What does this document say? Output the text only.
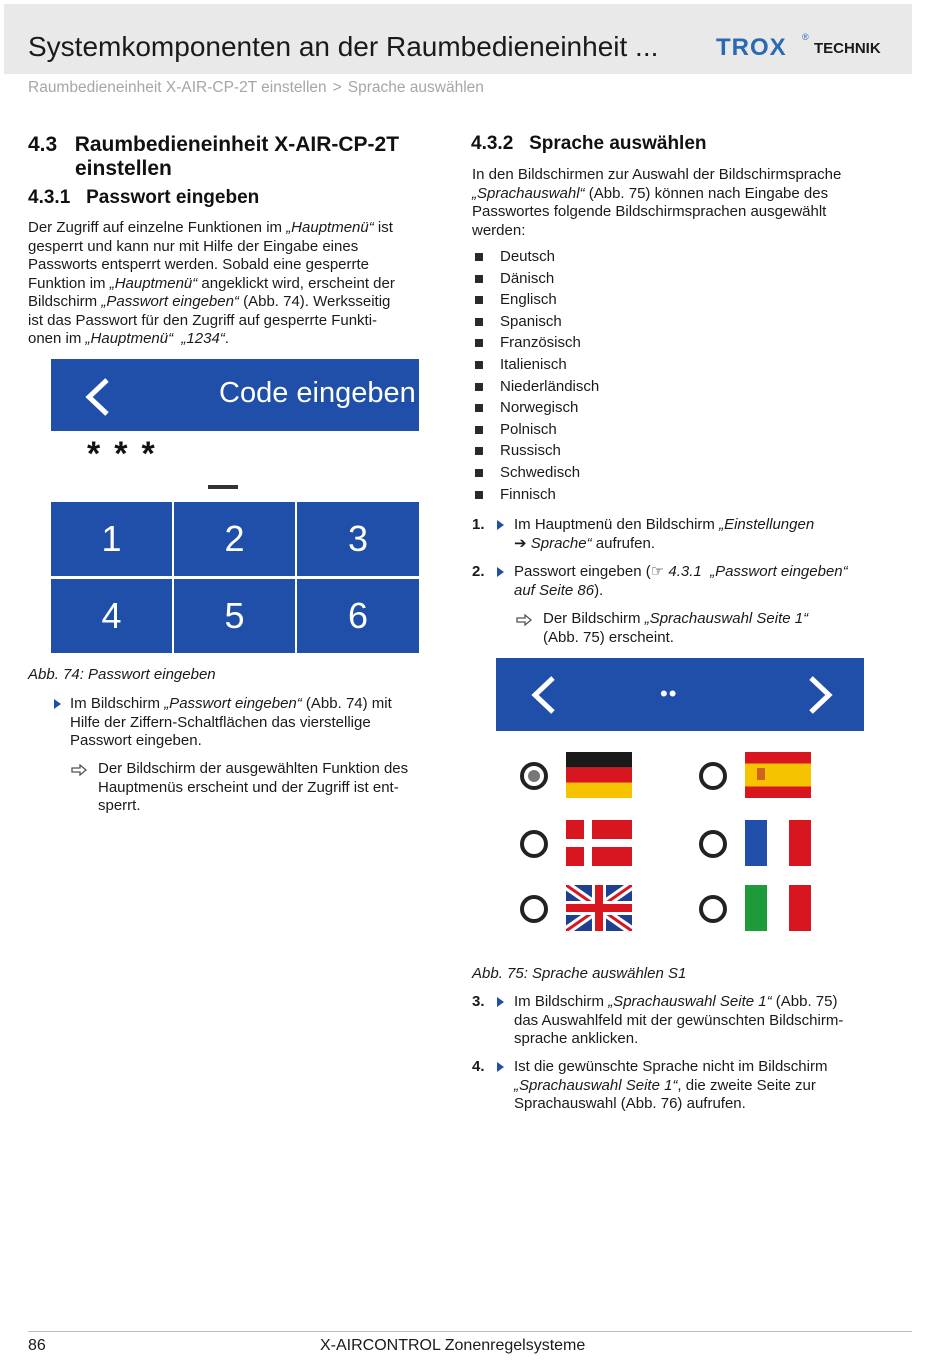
Systemkomponenten an der Raumbedieneinheit ... TROX ®
TECHNIK
Raumbedieneinheit X-AIR-CP-2T einstellen > Sprache auswählen
4.3   Raumbedieneinheit X-AIR-CP-2T
einstellen
4.3.1   Passwort eingeben
Der Zugriff auf einzelne Funktionen im „Hauptmenü“ ist
gesperrt und kann nur mit Hilfe der Eingabe eines
Passworts entsperrt werden. Sobald eine gesperrte
Funktion im „Hauptmenü“ angeklickt wird, erscheint der
Bildschirm „Passwort eingeben“ (Abb. 74). Werksseitig
ist das Passwort für den Zugriff auf gesperrte Funkti-
onen im „Hauptmenü“  „1234“.
Code eingeben
***
1	2	3
4	5	6
Abb. 74: Passwort eingeben
Im Bildschirm „Passwort eingeben“ (Abb. 74) mit
Hilfe der Ziffern-Schaltflächen das vierstellige
Passwort eingeben.
Der Bildschirm der ausgewählten Funktion des
Hauptmenüs erscheint und der Zugriff ist ent-
sperrt.
4.3.2   Sprache auswählen
In den Bildschirmen zur Auswahl der Bildschirmsprache
„Sprachauswahl“ (Abb. 75) können nach Eingabe des
Passwortes folgende Bildschirmsprachen ausgewählt
werden:
Deutsch
Dänisch
Englisch
Spanisch
Französisch
Italienisch
Niederländisch
Norwegisch
Polnisch
Russisch
Schwedisch
Finnisch
1. Im Hauptmenü den Bildschirm „Einstellungen
➔ Sprache“ aufrufen.
2. Passwort eingeben (☞ 4.3.1  „Passwort eingeben“
auf Seite 86).
Der Bildschirm „Sprachauswahl Seite 1“
(Abb. 75) erscheint.
••
Abb. 75: Sprache auswählen S1
3. Im Bildschirm „Sprachauswahl Seite 1“ (Abb. 75)
das Auswahlfeld mit der gewünschten Bildschirm-
sprache anklicken.
4. Ist die gewünschte Sprache nicht im Bildschirm
„Sprachauswahl Seite 1“, die zweite Seite zur
Sprachauswahl (Abb. 76) aufrufen.
86	X-AIRCONTROL Zonenregelsysteme
